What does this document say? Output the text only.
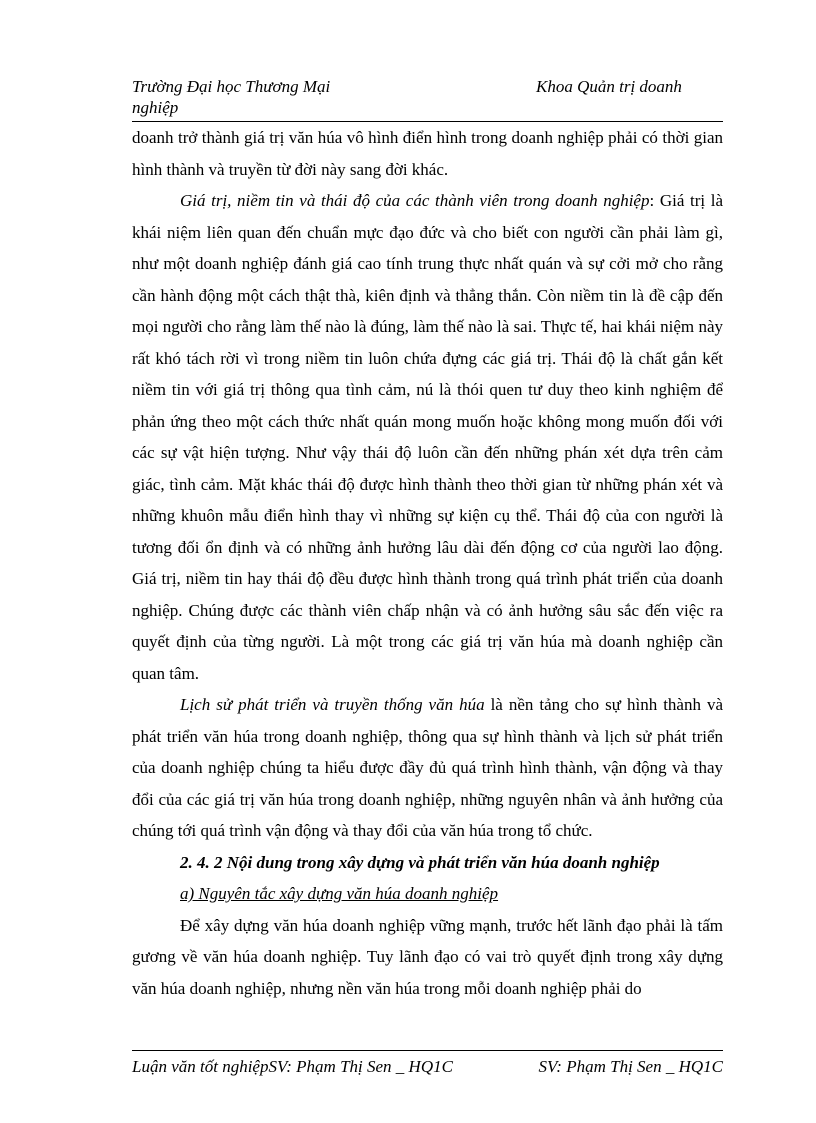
Trường Đại học Thương Mại nghiệp
Khoa Quản trị doanh

doanh trở thành giá trị văn húa vô hình điển hình trong doanh nghiệp phải có thời gian hình thành và truyền từ đời này sang đời khác.

Giá trị, niềm tin và thái độ của các thành viên trong doanh nghiệp: Giá trị là khái niệm liên quan đến chuẩn mực đạo đức và cho biết con người cần phải làm gì, như một doanh nghiệp đánh giá cao tính trung thực nhất quán và sự cởi mở cho rằng cần hành động một cách thật thà, kiên định và thẳng thắn. Còn niềm tin là đề cập đến mọi người cho rằng làm thế nào là đúng, làm thế nào là sai. Thực tế, hai khái niệm này rất khó tách rời vì trong niềm tin luôn chứa đựng các giá trị. Thái độ là chất gắn kết niềm tin với giá trị thông qua tình cảm, nú là thói quen tư duy theo kinh nghiệm để phản ứng theo một cách thức nhất quán mong muốn hoặc không mong muốn đối với các sự vật hiện tượng. Như vậy thái độ luôn cần đến những phán xét dựa trên cảm giác, tình cảm. Mặt khác thái độ được hình thành theo thời gian từ những phán xét và những khuôn mẫu điển hình thay vì những sự kiện cụ thể. Thái độ của con người là tương đối ổn định và có những ảnh hưởng lâu dài đến động cơ của người lao động. Giá trị, niềm tin hay thái độ đều được hình thành trong quá trình phát triển của doanh nghiệp. Chúng được các thành viên chấp nhận và có ảnh hưởng sâu sắc đến việc ra quyết định của từng người. Là một trong các giá trị văn húa mà doanh nghiệp cần quan tâm.

Lịch sử phát triển và truyền thống văn húa là nền tảng cho sự hình thành và phát triển văn húa trong doanh nghiệp, thông qua sự hình thành và lịch sử phát triển của doanh nghiệp chúng ta hiểu được đầy đủ quá trình hình thành, vận động và thay đổi của các giá trị văn húa trong doanh nghiệp, những nguyên nhân và ảnh hưởng của chúng tới quá trình vận động và thay đổi của văn húa trong tổ chức.

2. 4. 2 Nội dung trong xây dựng và phát triển văn húa doanh nghiệp

a) Nguyên tắc xây dựng văn húa doanh nghiệp

Để xây dựng văn húa doanh nghiệp vững mạnh, trước hết lãnh đạo phải là tấm gương về văn húa doanh nghiệp. Tuy lãnh đạo có vai trò quyết định trong xây dựng văn húa doanh nghiệp, nhưng nền văn húa trong mỗi doanh nghiệp phải do

Luận văn tốt nghiệpSV: Phạm Thị Sen _ HQ1C	SV: Phạm Thị Sen _ HQ1C
